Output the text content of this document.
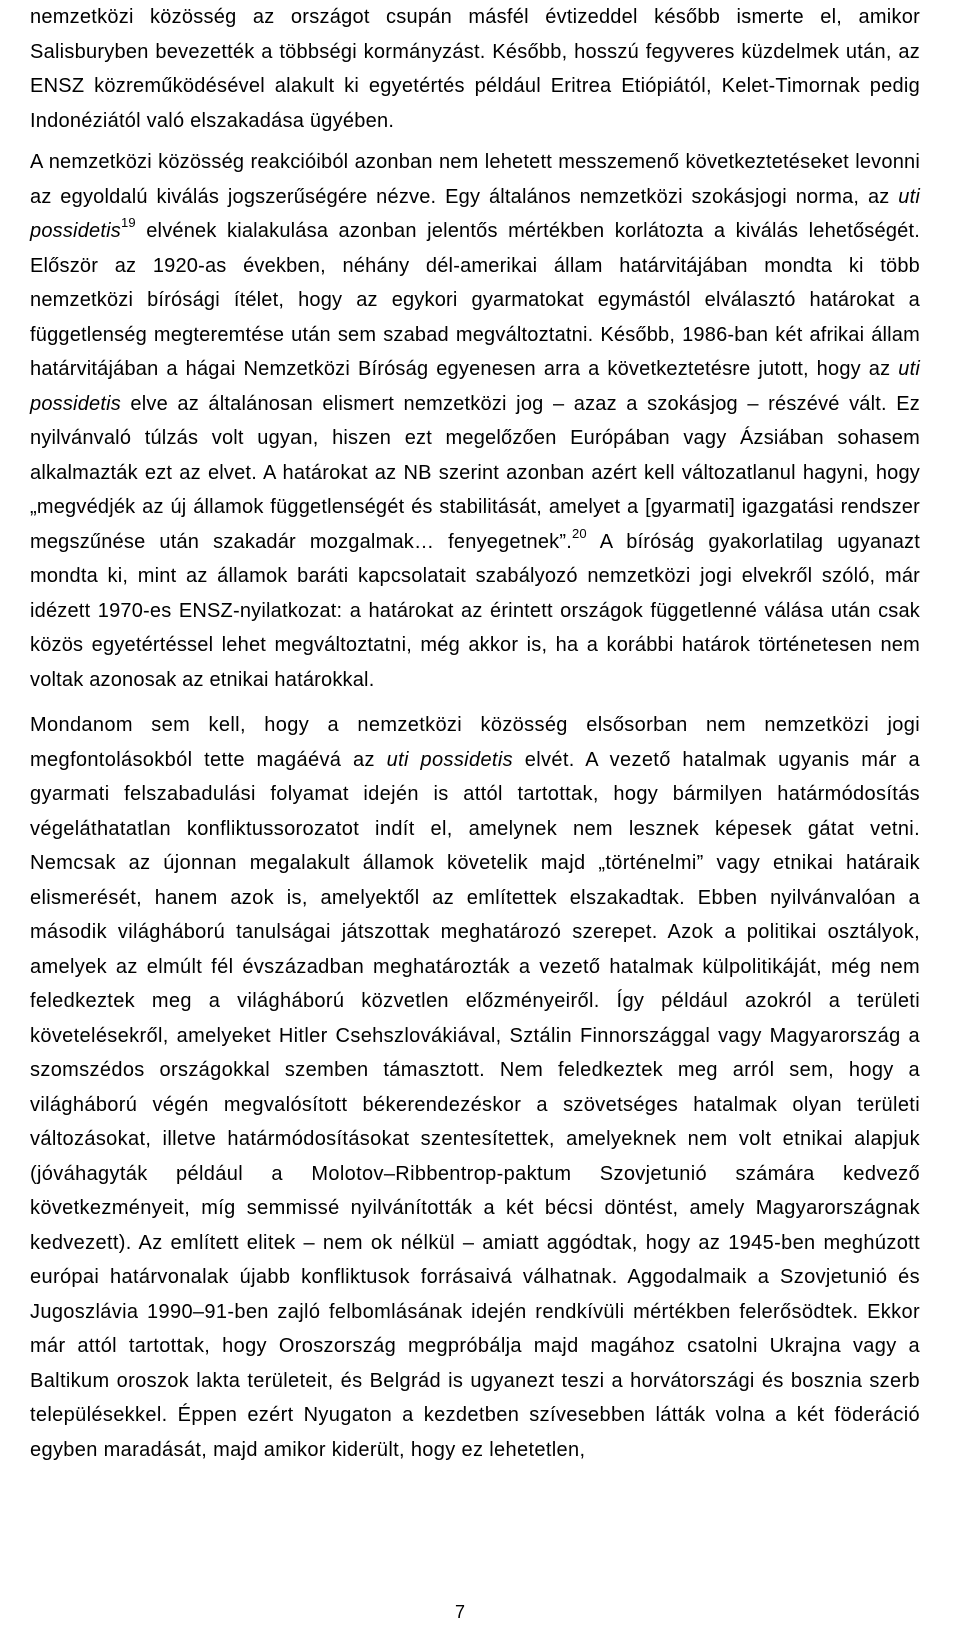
nemzetközi közösség az országot csupán másfél évtizeddel később ismerte el, amikor Salisburyben bevezették a többségi kormányzást. Később, hosszú fegyveres küzdelmek után, az ENSZ közreműködésével alakult ki egyetértés például Eritrea Etiópiától, Kelet-Timornak pedig Indonéziától való elszakadása ügyében.

A nemzetközi közösség reakcióiból azonban nem lehetett messzemenő következtetéseket levonni az egyoldalú kiválás jogszerűségére nézve. Egy általános nemzetközi szokásjogi norma, az uti possidetis$^{19}$ elvének kialakulása azonban jelentős mértékben korlátozta a kiválás lehetőségét. Először az 1920-as években, néhány dél-amerikai állam határvitájában mondta ki több nemzetközi bírósági ítélet, hogy az egykori gyarmatokat egymástól elválasztó határokat a függetlenség megteremtése után sem szabad megváltoztatni. Később, 1986-ban két afrikai állam határvitájában a hágai Nemzetközi Bíróság egyenesen arra a következtetésre jutott, hogy az uti possidetis elve az általánosan elismert nemzetközi jog – azaz a szokásjog – részévé vált. Ez nyilvánvaló túlzás volt ugyan, hiszen ezt megelőzően Európában vagy Ázsiában sohasem alkalmazták ezt az elvet. A határokat az NB szerint azonban azért kell változatlanul hagyni, hogy „megvédjék az új államok függetlenségét és stabilitását, amelyet a [gyarmati] igazgatási rendszer megszűnése után szakadár mozgalmak… fenyegetnek”.$^{20}$ A bíróság gyakorlatilag ugyanazt mondta ki, mint az államok baráti kapcsolatait szabályozó nemzetközi jogi elvekről szóló, már idézett 1970-es ENSZ-nyilatkozat: a határokat az érintett országok függetlenné válása után csak közös egyetértéssel lehet megváltoztatni, még akkor is, ha a korábbi határok történetesen nem voltak azonosak az etnikai határokkal.

Mondanom sem kell, hogy a nemzetközi közösség elsősorban nem nemzetközi jogi megfontolásokból tette magáévá az uti possidetis elvét. A vezető hatalmak ugyanis már a gyarmati felszabadulási folyamat idején is attól tartottak, hogy bármilyen határmódosítás végeláthatatlan konfliktussorozatot indít el, amelynek nem lesznek képesek gátat vetni. Nemcsak az újonnan megalakult államok követelik majd „történelmi” vagy etnikai határaik elismerését, hanem azok is, amelyektől az említettek elszakadtak. Ebben nyilvánvalóan a második világháború tanulságai játszottak meghatározó szerepet. Azok a politikai osztályok, amelyek az elmúlt fél évszázadban meghatározták a vezető hatalmak külpolitikáját, még nem feledkeztek meg a világháború közvetlen előzményeiről. Így például azokról a területi követelésekről, amelyeket Hitler Csehszlovákiával, Sztálin Finnországgal vagy Magyarország a szomszédos országokkal szemben támasztott. Nem feledkeztek meg arról sem, hogy a világháború végén megvalósított békerendezéskor a szövetséges hatalmak olyan területi változásokat, illetve határmódosításokat szentesítettek, amelyeknek nem volt etnikai alapjuk (jóváhagyták például a Molotov–Ribbentrop-paktum Szovjetunió számára kedvező következményeit, míg semmissé nyilvánították a két bécsi döntést, amely Magyarországnak kedvezett). Az említett elitek – nem ok nélkül – amiatt aggódtak, hogy az 1945-ben meghúzott európai határvonalak újabb konfliktusok forrásaivá válhatnak. Aggodalmaik a Szovjetunió és Jugoszlávia 1990–91-ben zajló felbomlásának idején rendkívüli mértékben felerősödtek. Ekkor már attól tartottak, hogy Oroszország megpróbálja majd magához csatolni Ukrajna vagy a Baltikum oroszok lakta területeit, és Belgrád is ugyanezt teszi a horvátországi és bosznia szerb településekkel. Éppen ezért Nyugaton a kezdetben szívesebben látták volna a két föderáció egyben maradását, majd amikor kiderült, hogy ez lehetetlen,

7
